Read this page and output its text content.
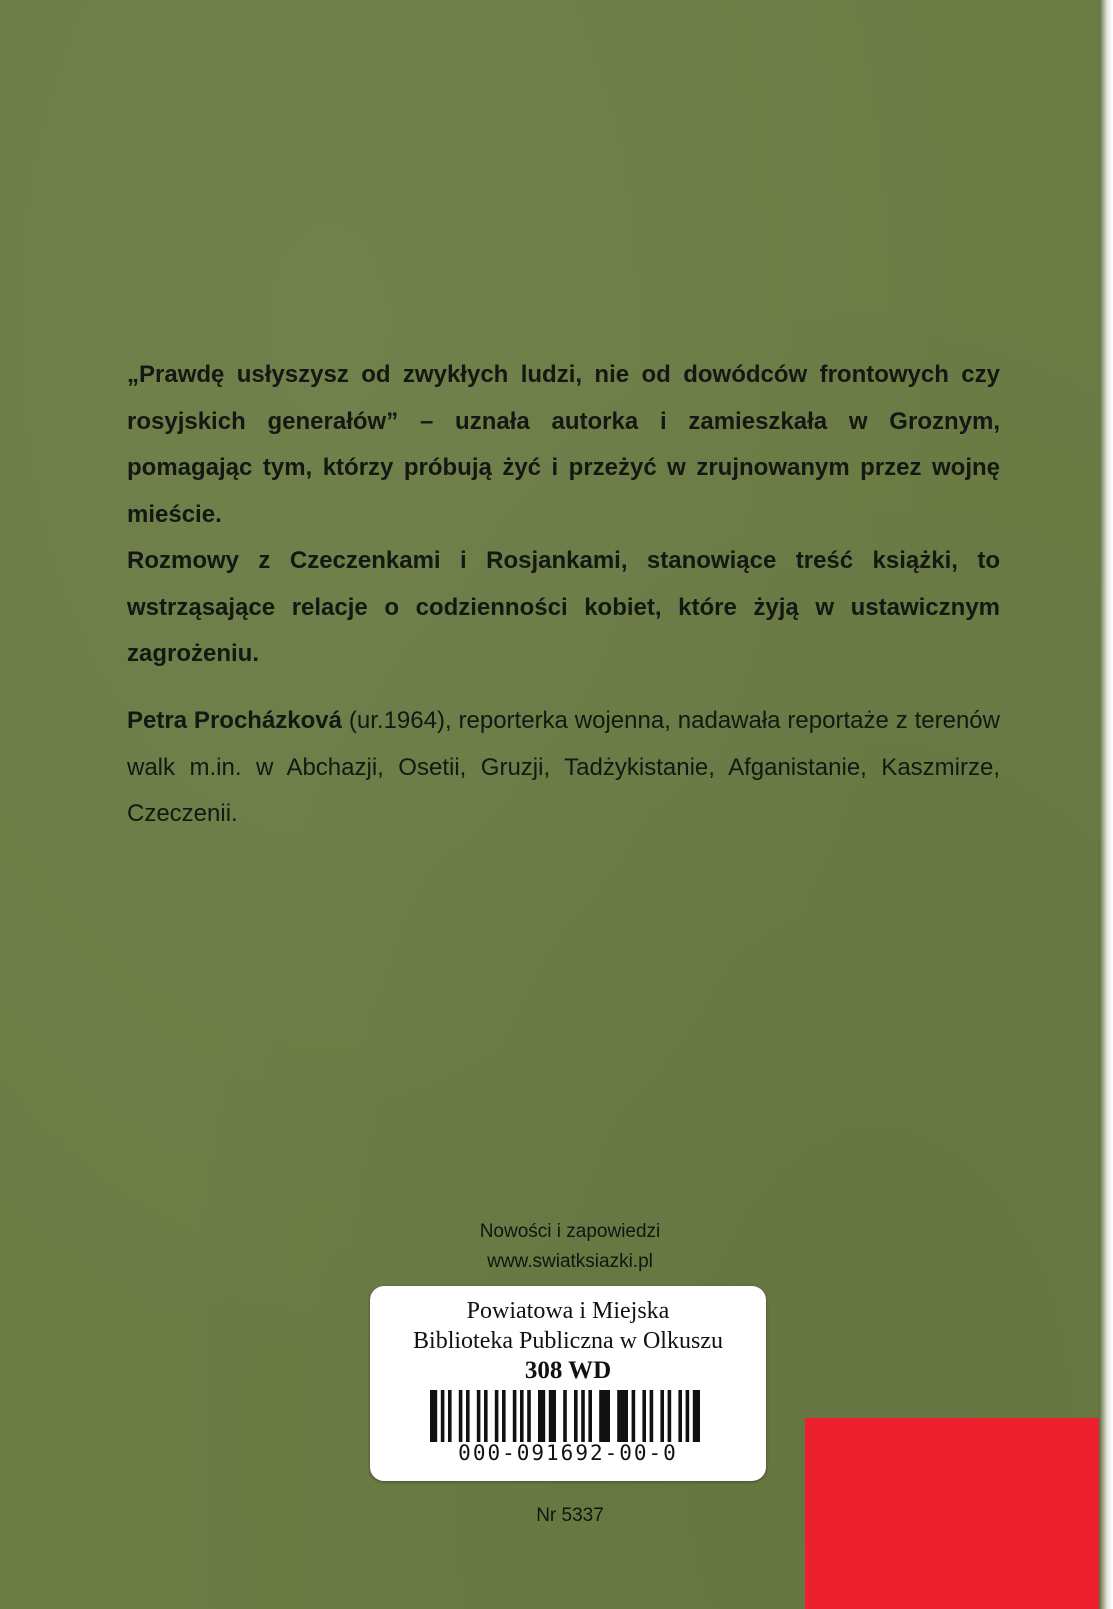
„Prawdę usłyszysz od zwykłych ludzi, nie od dowódców frontowych czy rosyjskich generałów” – uznała autorka i zamieszkała w Groznym, pomagając tym, którzy próbują żyć i przeżyć w zrujnowanym przez wojnę mieście.

Rozmowy z Czeczenkami i Rosjankami, stanowiące treść książki, to wstrząsające relacje o codzienności kobiet, które żyją w ustawicznym zagrożeniu.

Petra Procházková (ur.1964), reporterka wojenna, nadawała reportaże z terenów walk m.in. w Abchazji, Osetii, Gruzji, Tadżykistanie, Afganistanie, Kaszmirze, Czeczenii.

Nowości i zapowiedzi
www.swiatksiazki.pl
Powiatowa i Miejska
Biblioteka Publiczna w Olkuszu
308 WD
000-091692-00-0
Nr 5337
